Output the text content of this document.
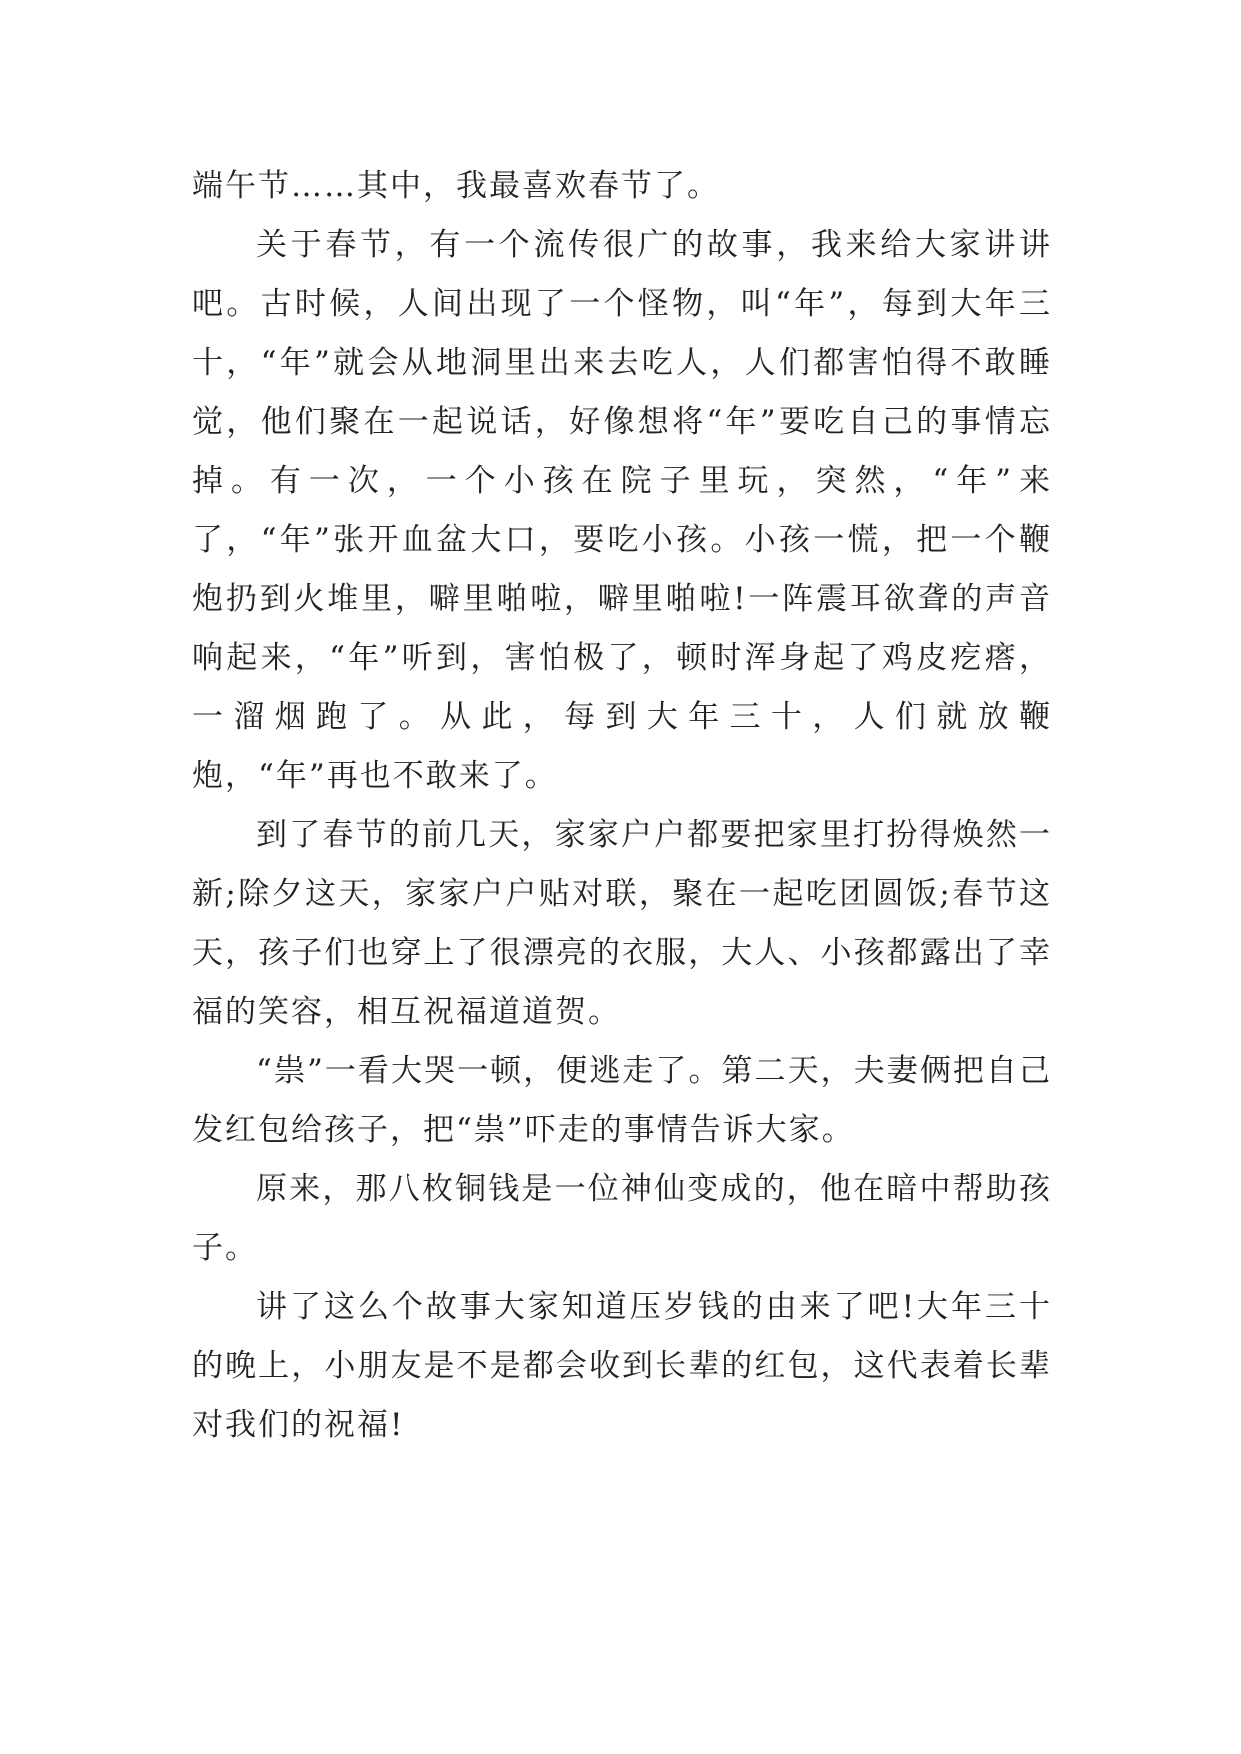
端午节……其中，我最喜欢春节了。

关于春节，有一个流传很广的故事，我来给大家讲讲吧。古时候，人间出现了一个怪物，叫“年”，每到大年三十，“年”就会从地洞里出来去吃人，人们都害怕得不敢睡觉，他们聚在一起说话，好像想将“年”要吃自己的事情忘掉。有一次，一个小孩在院子里玩，突然，“年”来了，“年”张开血盆大口，要吃小孩。小孩一慌，把一个鞭炮扔到火堆里，噼里啪啦，噼里啪啦!一阵震耳欲聋的声音响起来，“年”听到，害怕极了，顿时浑身起了鸡皮疙瘩，一溜烟跑了。从此，每到大年三十，人们就放鞭炮，“年”再也不敢来了。

到了春节的前几天，家家户户都要把家里打扮得焕然一新;除夕这天，家家户户贴对联，聚在一起吃团圆饭;春节这天，孩子们也穿上了很漂亮的衣服，大人、小孩都露出了幸福的笑容，相互祝福道道贺。

“祟”一看大哭一顿，便逃走了。第二天，夫妻俩把自己发红包给孩子，把“祟”吓走的事情告诉大家。

原来，那八枚铜钱是一位神仙变成的，他在暗中帮助孩子。

讲了这么个故事大家知道压岁钱的由来了吧!大年三十的晚上，小朋友是不是都会收到长辈的红包，这代表着长辈对我们的祝福!
